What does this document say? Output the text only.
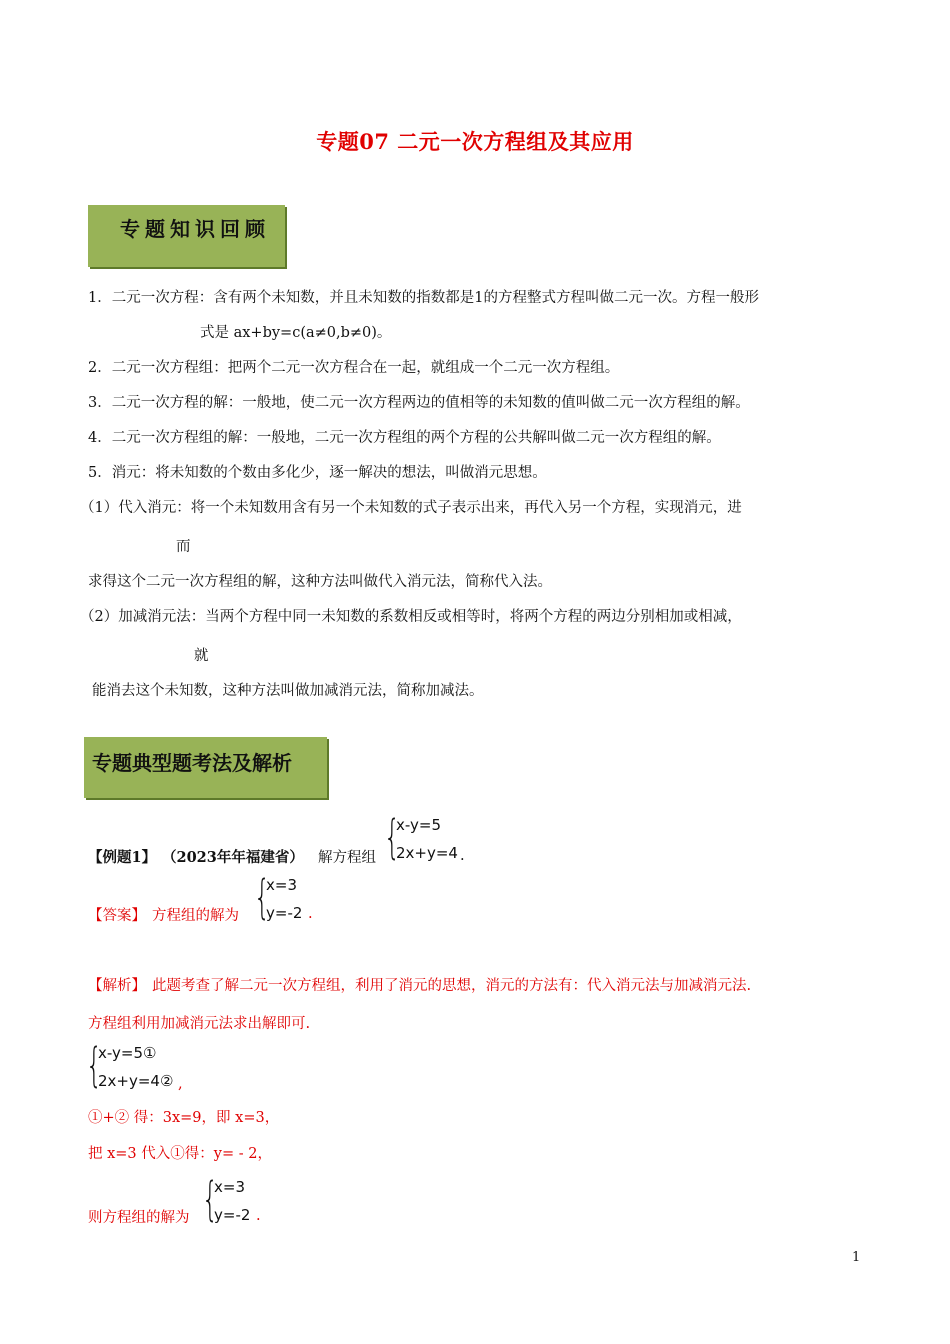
专题07 二元一次方程组及其应用
专题知识回顾
1．二元一次方程：含有两个未知数，并且未知数的指数都是1的方程整式方程叫做二元一次。方程一般形
式是 ax+by=c(a≠0,b≠0)。
2．二元一次方程组：把两个二元一次方程合在一起，就组成一个二元一次方程组。
3．二元一次方程的解：一般地，使二元一次方程两边的值相等的未知数的值叫做二元一次方程组的解。
4．二元一次方程组的解：一般地，二元一次方程组的两个方程的公共解叫做二元一次方程组的解。
5．消元：将未知数的个数由多化少，逐一解决的想法，叫做消元思想。
（1）代入消元：将一个未知数用含有另一个未知数的式子表示出来，再代入另一个方程，实现消元，进
而
求得这个二元一次方程组的解，这种方法叫做代入消元法，简称代入法。
（2）加减消元法：当两个方程中同一未知数的系数相反或相等时，将两个方程的两边分别相加或相减，
就
能消去这个未知数，这种方法叫做加减消元法，简称加减法。
专题典型题考法及解析
【例题1】 （2023年年福建省） 解方程组 {
x-y=5
2x+y=4 .
【答案】 方程组的解为 {
x=3
y=-2 .
【解析】 此题考查了解二元一次方程组，利用了消元的思想，消元的方法有：代入消元法与加减消元法.
方程组利用加减消元法求出解即可.
{
x-y=5①
2x+y=4② ,
①+② 得：3x=9，即 x=3，
把 x=3 代入①得：y= - 2，
则方程组的解为 {
x=3
y=-2 .
1
